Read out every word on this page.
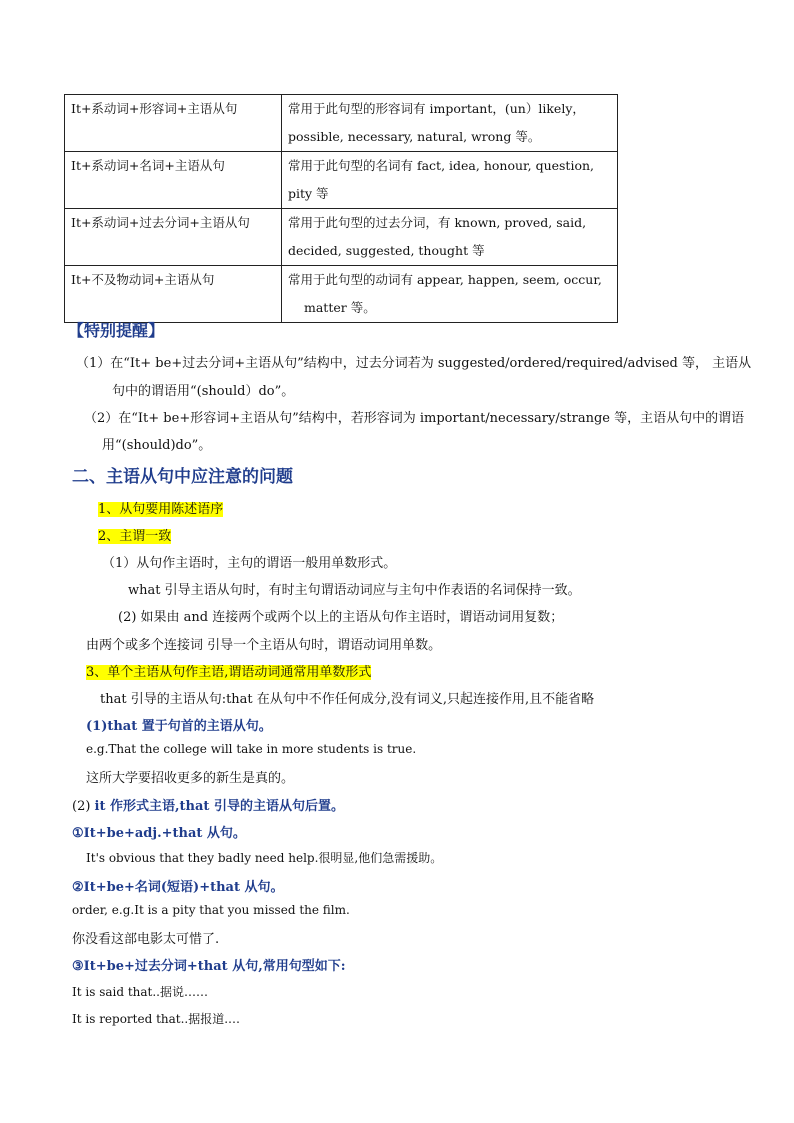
It+系动词+形容词+主语从句	常用于此句型的形容词有 important，(un）likely，
possible, necessary, natural, wrong 等。

It+系动词+名词+主语从句	常用于此句型的名词有 fact, idea, honour, question,
pity 等

It+系动词+过去分词+主语从句	常用于此句型的过去分词，有 known, proved, said,
decided, suggested, thought 等

It+不及物动词+主语从句	常用于此句型的动词有 appear, happen, seem, occur,
matter 等。
【特别提醒】
（1）在“It+ be+过去分词+主语从句”结构中，过去分词若为 suggested/ordered/required/advised 等， 主语从
句中的谓语用“(should）do”。
（2）在“It+ be+形容词+主语从句”结构中，若形容词为 important/necessary/strange 等，主语从句中的谓语
用“(should)do”。
二、主语从句中应注意的问题
1、从句要用陈述语序
2、主谓一致
（1）从句作主语时，主句的谓语一般用单数形式。
what 引导主语从句时，有时主句谓语动词应与主句中作表语的名词保持一致。
(2) 如果由 and 连接两个或两个以上的主语从句作主语时，谓语动词用复数；
由两个或多个连接词 引导一个主语从句时，谓语动词用单数。
3、单个主语从句作主语,谓语动词通常用单数形式
that 引导的主语从句:that 在从句中不作任何成分,没有词义,只起连接作用,且不能省略
(1)that 置于句首的主语从句。
e.g.That the college will take in more students is true.
这所大学要招收更多的新生是真的。
(2) it 作形式主语,that 引导的主语从句后置。
①It+be+adj.+that 从句。
It's obvious that they badly need help.很明显,他们急需援助。
②It+be+名词(短语)+that 从句。
order, e.g.It is a pity that you missed the film.
你没看这部电影太可惜了.
③It+be+过去分词+that 从句,常用句型如下:
It is said that..据说……
It is reported that..据报道.…
